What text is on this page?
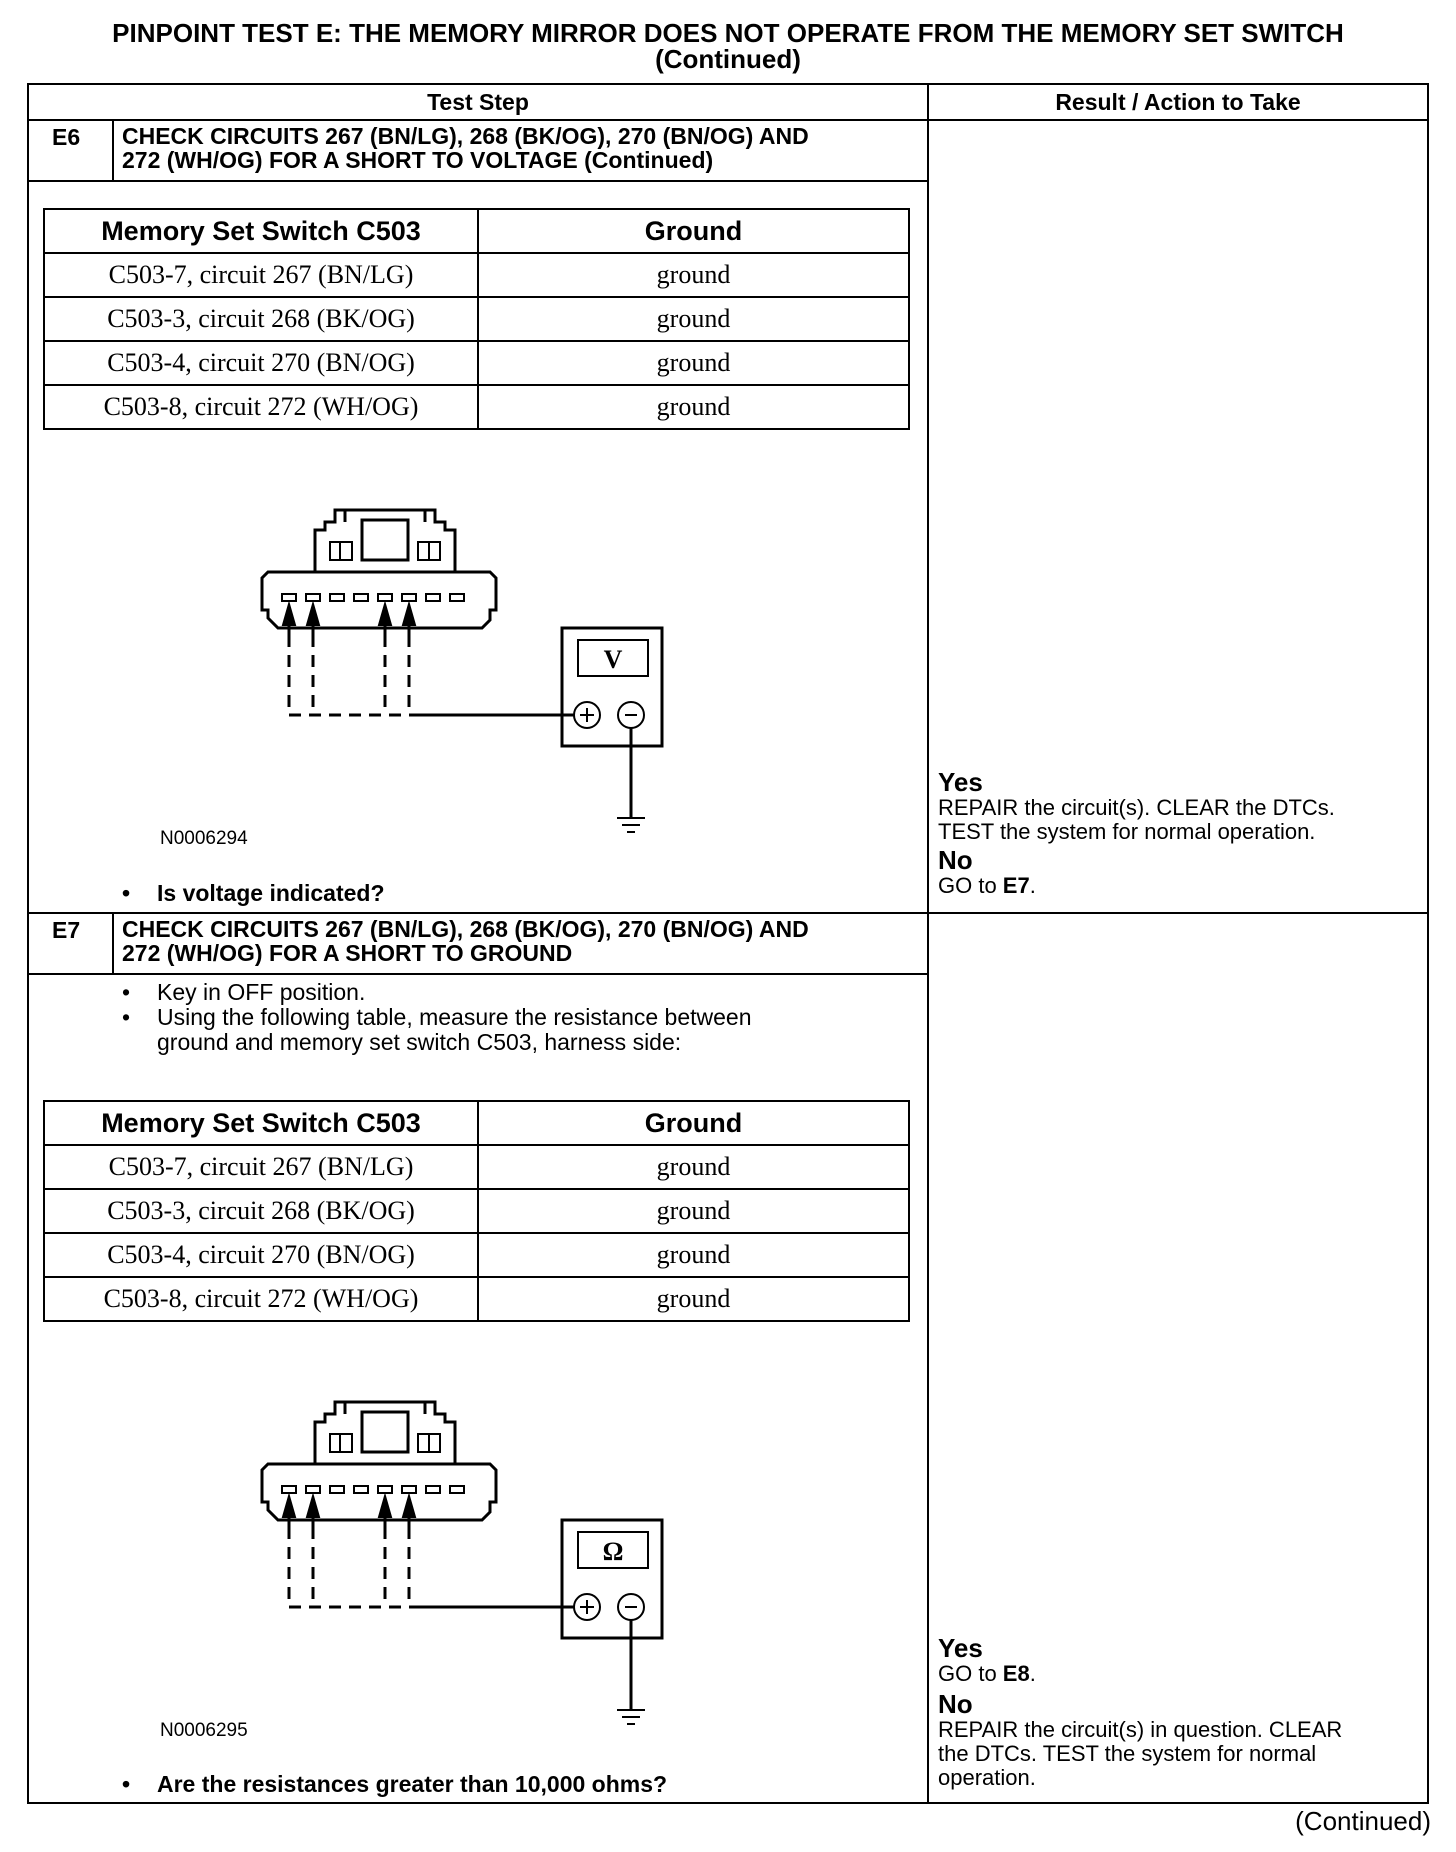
PINPOINT TEST E: THE MEMORY MIRROR DOES NOT OPERATE FROM THE MEMORY SET SWITCH
(Continued)
Test Step	Result / Action to Take
E6 CHECK CIRCUITS 267 (BN/LG), 268 (BK/OG), 270 (BN/OG) AND
272 (WH/OG) FOR A SHORT TO VOLTAGE (Continued)
Memory Set Switch C503	Ground
C503-7, circuit 267 (BN/LG)	ground
C503-3, circuit 268 (BK/OG)	ground
C503-4, circuit 270 (BN/OG)	ground
C503-8, circuit 272 (WH/OG)	ground
V
N0006294
• Is voltage indicated?
Yes
REPAIR the circuit(s). CLEAR the DTCs.
TEST the system for normal operation.
No
GO to E7.
E7 CHECK CIRCUITS 267 (BN/LG), 268 (BK/OG), 270 (BN/OG) AND
272 (WH/OG) FOR A SHORT TO GROUND
• Key in OFF position.
• Using the following table, measure the resistance between
ground and memory set switch C503, harness side:
Memory Set Switch C503	Ground
C503-7, circuit 267 (BN/LG)	ground
C503-3, circuit 268 (BK/OG)	ground
C503-4, circuit 270 (BN/OG)	ground
C503-8, circuit 272 (WH/OG)	ground
Ω
N0006295
• Are the resistances greater than 10,000 ohms?
Yes
GO to E8.
No
REPAIR the circuit(s) in question. CLEAR
the DTCs. TEST the system for normal
operation.
(Continued)
